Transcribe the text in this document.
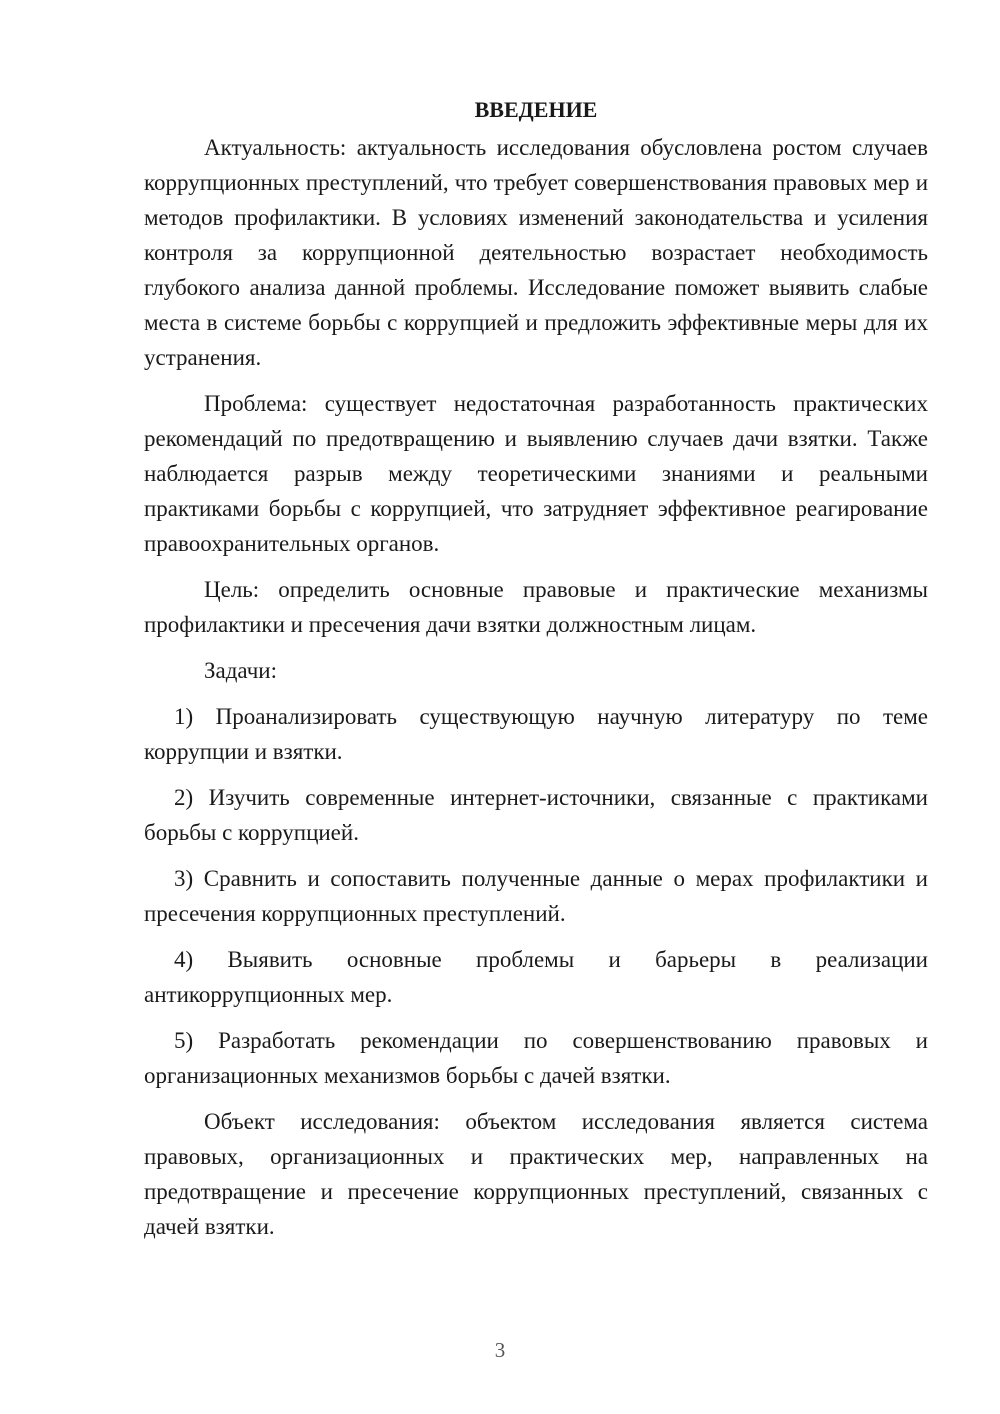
ВВЕДЕНИЕ

Актуальность: актуальность исследования обусловлена ростом случаев коррупционных преступлений, что требует совершенствования правовых мер и методов профилактики. В условиях изменений законодательства и усиления контроля за коррупционной деятельностью возрастает необходимость глубокого анализа данной проблемы. Исследование поможет выявить слабые места в системе борьбы с коррупцией и предложить эффективные меры для их устранения.

Проблема: существует недостаточная разработанность практических рекомендаций по предотвращению и выявлению случаев дачи взятки. Также наблюдается разрыв между теоретическими знаниями и реальными практиками борьбы с коррупцией, что затрудняет эффективное реагирование правоохранительных органов.

Цель: определить основные правовые и практические механизмы профилактики и пресечения дачи взятки должностным лицам.

Задачи:

1) Проанализировать существующую научную литературу по теме коррупции и взятки.

2) Изучить современные интернет-источники, связанные с практиками борьбы с коррупцией.

3) Сравнить и сопоставить полученные данные о мерах профилактики и пресечения коррупционных преступлений.

4) Выявить основные проблемы и барьеры в реализации антикоррупционных мер.

5) Разработать рекомендации по совершенствованию правовых и организационных механизмов борьбы с дачей взятки.

Объект исследования: объектом исследования является система правовых, организационных и практических мер, направленных на предотвращение и пресечение коррупционных преступлений, связанных с дачей взятки.

3
